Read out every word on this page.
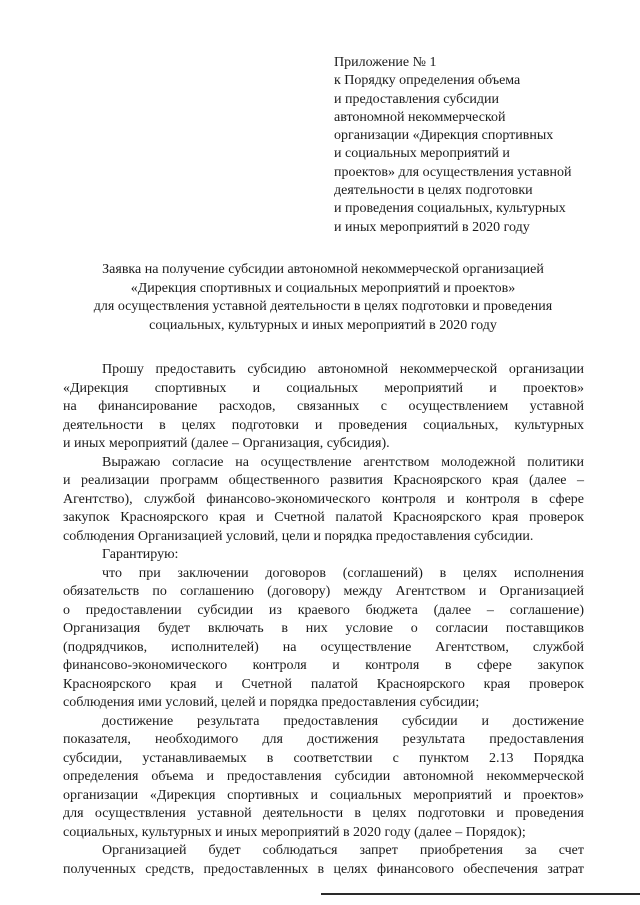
Приложение № 1
к Порядку определения объема
и предоставления субсидии
автономной некоммерческой
организации «Дирекция спортивных
и социальных мероприятий и
проектов» для осуществления уставной
деятельности в целях подготовки
и проведения социальных, культурных
и иных мероприятий в 2020 году
Заявка на получение субсидии автономной некоммерческой организацией
«Дирекция спортивных и социальных мероприятий и проектов»
для осуществления уставной деятельности в целях подготовки и проведения
социальных, культурных и иных мероприятий в 2020 году
Прошу предоставить субсидию автономной некоммерческой организации
«Дирекция спортивных и социальных мероприятий и проектов»
на финансирование расходов, связанных с осуществлением уставной
деятельности в целях подготовки и проведения социальных, культурных
и иных мероприятий (далее – Организация, субсидия).
Выражаю согласие на осуществление агентством молодежной политики
и реализации программ общественного развития Красноярского края (далее –
Агентство), службой финансово-экономического контроля и контроля в сфере
закупок Красноярского края и Счетной палатой Красноярского края проверок
соблюдения Организацией условий, цели и порядка предоставления субсидии.
Гарантирую:
что при заключении договоров (соглашений) в целях исполнения
обязательств по соглашению (договору) между Агентством и Организацией
о предоставлении субсидии из краевого бюджета (далее – соглашение)
Организация будет включать в них условие о согласии поставщиков
(подрядчиков, исполнителей) на осуществление Агентством, службой
финансово-экономического контроля и контроля в сфере закупок
Красноярского края и Счетной палатой Красноярского края проверок
соблюдения ими условий, целей и порядка предоставления субсидии;
достижение результата предоставления субсидии и достижение
показателя, необходимого для достижения результата предоставления
субсидии, устанавливаемых в соответствии с пунктом 2.13 Порядка
определения объема и предоставления субсидии автономной некоммерческой
организации «Дирекция спортивных и социальных мероприятий и проектов»
для осуществления уставной деятельности в целях подготовки и проведения
социальных, культурных и иных мероприятий в 2020 году (далее – Порядок);
Организацией будет соблюдаться запрет приобретения за счет
полученных средств, предоставленных в целях финансового обеспечения затрат
